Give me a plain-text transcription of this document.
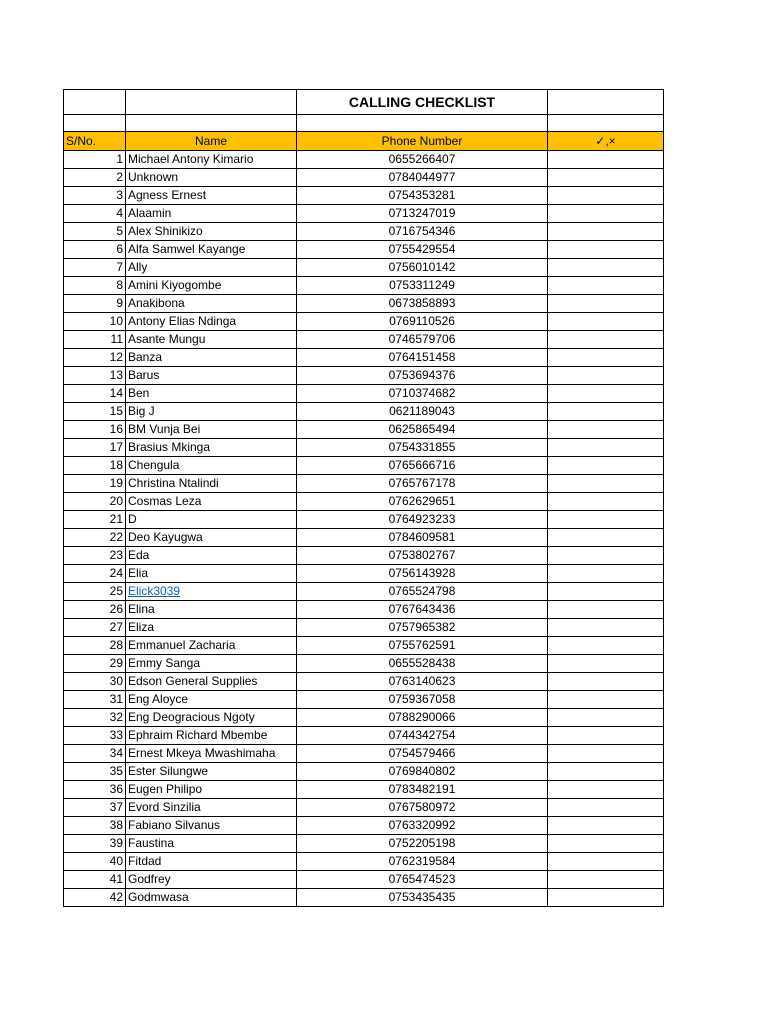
		CALLING CHECKLIST	

S/No.	Name	Phone Number	✓,×
1	Michael Antony Kimario	0655266407	
2	Unknown	0784044977	
3	Agness Ernest	0754353281	
4	Alaamin	0713247019	
5	Alex Shinikizo	0716754346	
6	Alfa Samwel Kayange	0755429554	
7	Ally	0756010142	
8	Amini Kiyogombe	0753311249	
9	Anakibona	0673858893	
10	Antony Elias Ndinga	0769110526	
11	Asante Mungu	0746579706	
12	Banza	0764151458	
13	Barus	0753694376	
14	Ben	0710374682	
15	Big J	0621189043	
16	BM Vunja Bei	0625865494	
17	Brasius Mkinga	0754331855	
18	Chengula	0765666716	
19	Christina Ntalindi	0765767178	
20	Cosmas Leza	0762629651	
21	D	0764923233	
22	Deo Kayugwa	0784609581	
23	Eda	0753802767	
24	Elia	0756143928	
25	Elick3039	0765524798	
26	Elina	0767643436	
27	Eliza	0757965382	
28	Emmanuel Zacharia	0755762591	
29	Emmy Sanga	0655528438	
30	Edson General Supplies	0763140623	
31	Eng Aloyce	0759367058	
32	Eng Deogracious Ngoty	0788290066	
33	Ephraim Richard Mbembe	0744342754	
34	Ernest Mkeya Mwashimaha	0754579466	
35	Ester Silungwe	0769840802	
36	Eugen Philipo	0783482191	
37	Evord Sinzilia	0767580972	
38	Fabiano Silvanus	0763320992	
39	Faustina	0752205198	
40	Fitdad	0762319584	
41	Godfrey	0765474523	
42	Godmwasa	0753435435	
